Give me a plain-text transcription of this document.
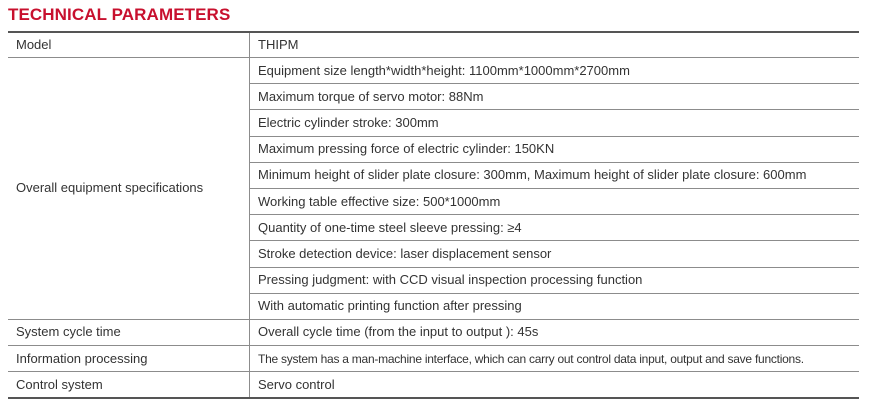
TECHNICAL PARAMETERS
Model	THIPM
Overall equipment specifications	Equipment size length*width*height: 1100mm*1000mm*2700mm
	Maximum torque of servo motor: 88Nm
	Electric cylinder stroke: 300mm
	Maximum pressing force of electric cylinder: 150KN
	Minimum height of slider plate closure: 300mm, Maximum height of slider plate closure: 600mm
	Working table effective size: 500*1000mm
	Quantity of one-time steel sleeve pressing: ≥4
	Stroke detection device: laser displacement sensor
	Pressing judgment: with CCD visual inspection processing function
	With automatic printing function after pressing
System cycle time	Overall cycle time (from the input to output ): 45s
Information processing	The system has a man-machine interface, which can carry out control data input, output and save functions.
Control system	Servo control
